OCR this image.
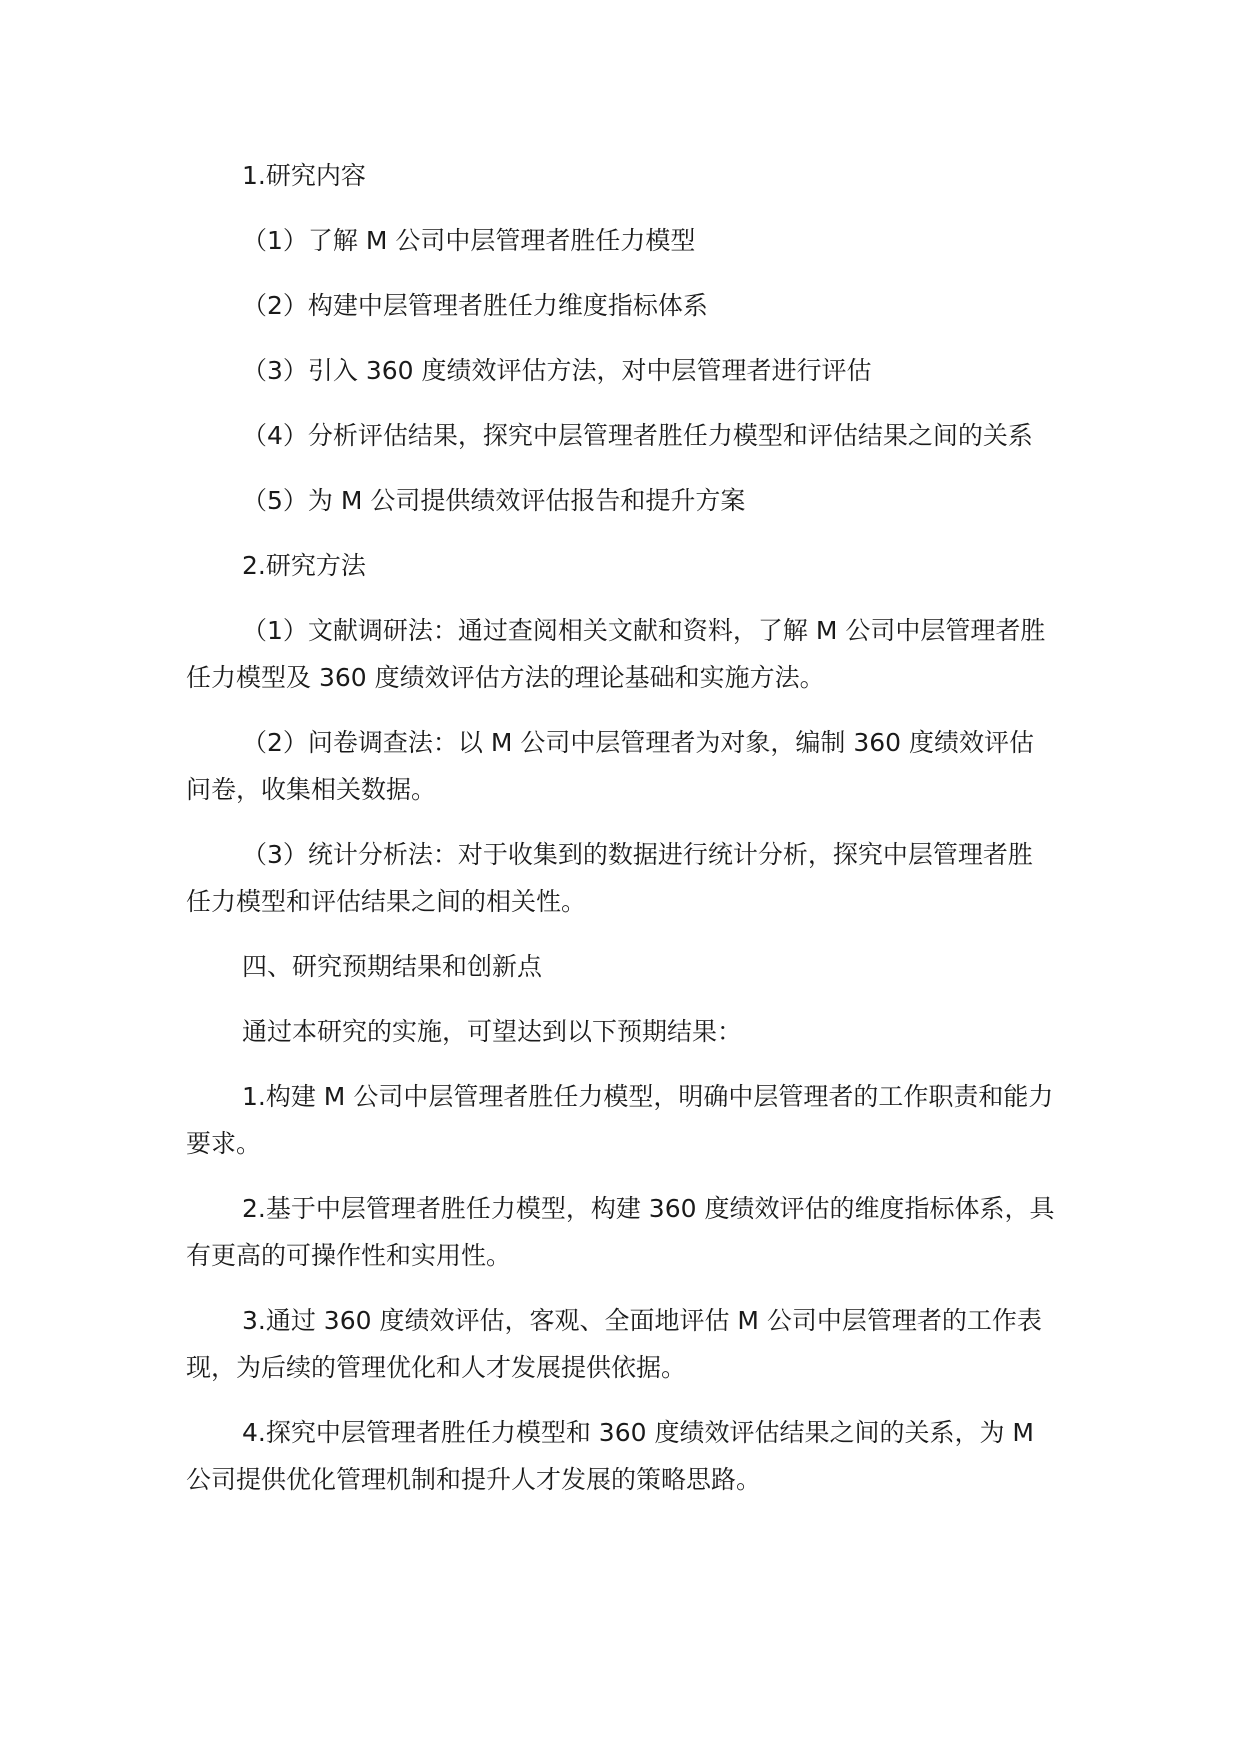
1.研究内容

（1）了解 M 公司中层管理者胜任力模型

（2）构建中层管理者胜任力维度指标体系

（3）引入 360 度绩效评估方法，对中层管理者进行评估

（4）分析评估结果，探究中层管理者胜任力模型和评估结果之间的关系

（5）为 M 公司提供绩效评估报告和提升方案

2.研究方法

（1）文献调研法：通过查阅相关文献和资料，了解 M 公司中层管理者胜任力模型及 360 度绩效评估方法的理论基础和实施方法。

（2）问卷调查法：以 M 公司中层管理者为对象，编制 360 度绩效评估问卷，收集相关数据。

（3）统计分析法：对于收集到的数据进行统计分析，探究中层管理者胜任力模型和评估结果之间的相关性。

四、研究预期结果和创新点

通过本研究的实施，可望达到以下预期结果：

1.构建 M 公司中层管理者胜任力模型，明确中层管理者的工作职责和能力要求。

2.基于中层管理者胜任力模型，构建 360 度绩效评估的维度指标体系，具有更高的可操作性和实用性。

3.通过 360 度绩效评估，客观、全面地评估 M 公司中层管理者的工作表现，为后续的管理优化和人才发展提供依据。

4.探究中层管理者胜任力模型和 360 度绩效评估结果之间的关系，为 M 公司提供优化管理机制和提升人才发展的策略思路。
